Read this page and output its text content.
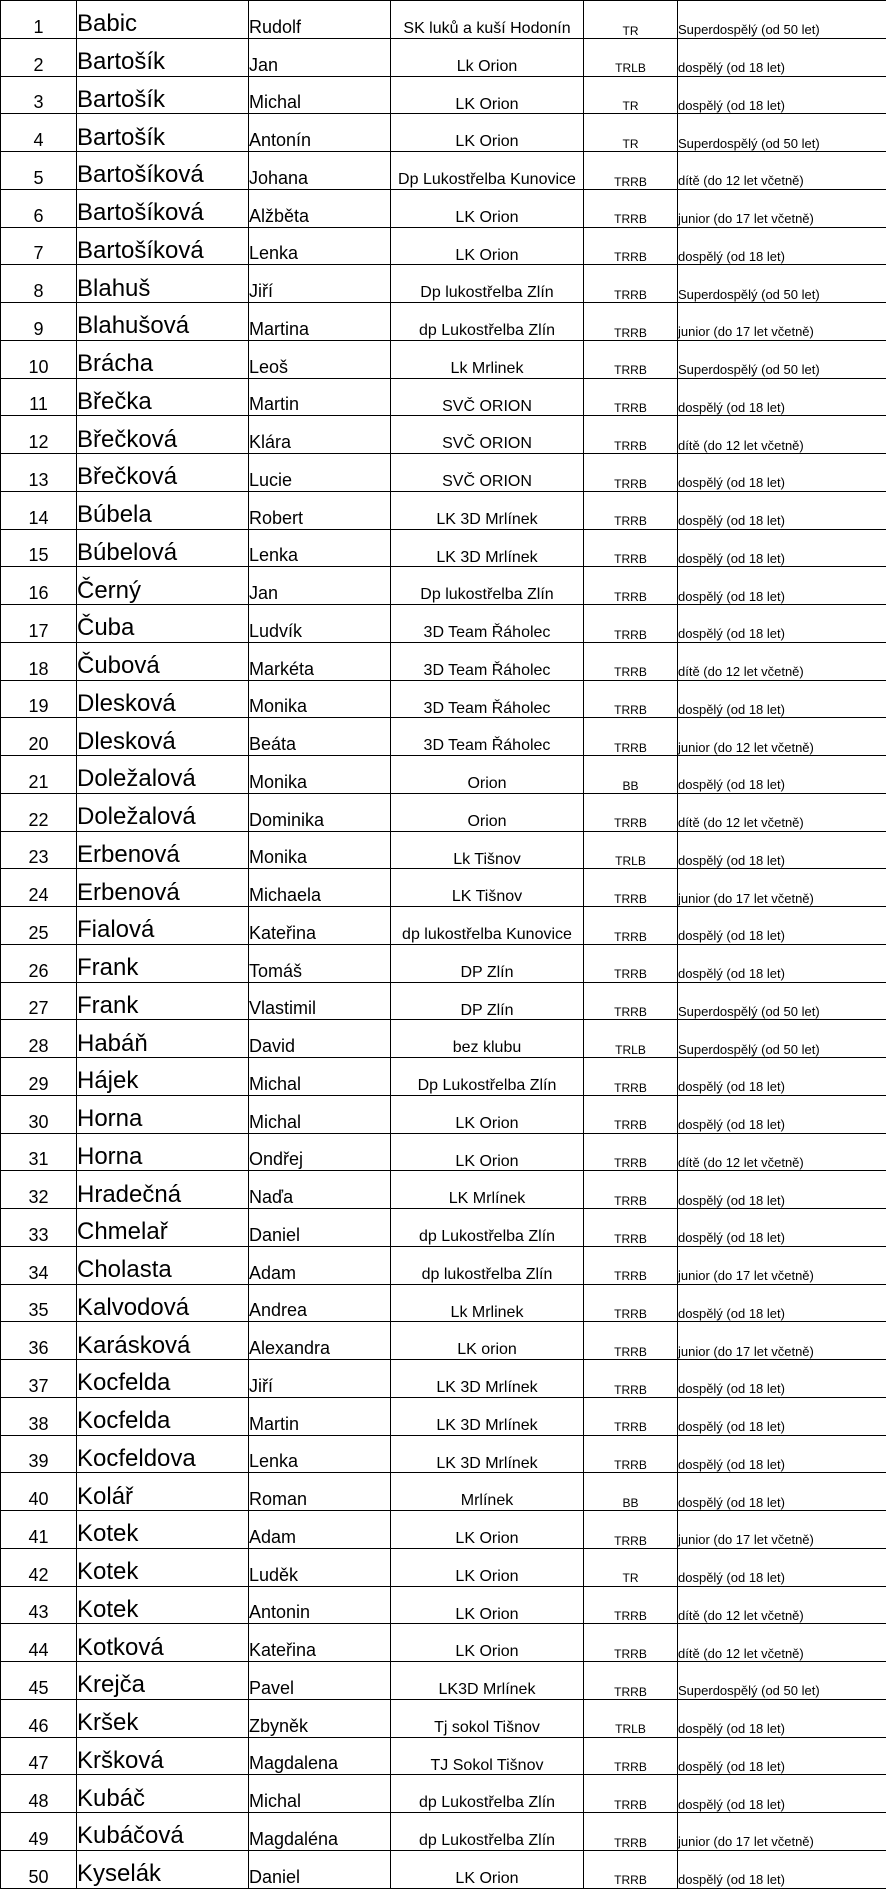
1	Babic	Rudolf	SK luků a kuší Hodonín	TR	Superdospělý (od 50 let)
2	Bartošík	Jan	Lk Orion	TRLB	dospělý (od 18 let)
3	Bartošík	Michal	LK Orion	TR	dospělý (od 18 let)
4	Bartošík	Antonín	LK Orion	TR	Superdospělý (od 50 let)
5	Bartošíková	Johana	Dp Lukostřelba Kunovice	TRRB	dítě (do 12 let včetně)
6	Bartošíková	Alžběta	LK Orion	TRRB	junior (do 17 let včetně)
7	Bartošíková	Lenka	LK Orion	TRRB	dospělý (od 18 let)
8	Blahuš	Jiří	Dp lukostřelba Zlín	TRRB	Superdospělý (od 50 let)
9	Blahušová	Martina	dp Lukostřelba Zlín	TRRB	junior (do 17 let včetně)
10	Brácha	Leoš	Lk Mrlinek	TRRB	Superdospělý (od 50 let)
11	Břečka	Martin	SVČ ORION	TRRB	dospělý (od 18 let)
12	Břečková	Klára	SVČ ORION	TRRB	dítě (do 12 let včetně)
13	Břečková	Lucie	SVČ ORION	TRRB	dospělý (od 18 let)
14	Búbela	Robert	LK 3D Mrlínek	TRRB	dospělý (od 18 let)
15	Búbelová	Lenka	LK 3D Mrlínek	TRRB	dospělý (od 18 let)
16	Černý	Jan	Dp lukostřelba Zlín	TRRB	dospělý (od 18 let)
17	Čuba	Ludvík	3D Team Řáholec	TRRB	dospělý (od 18 let)
18	Čubová	Markéta	3D Team Řáholec	TRRB	dítě (do 12 let včetně)
19	Dlesková	Monika	3D Team Řáholec	TRRB	dospělý (od 18 let)
20	Dlesková	Beáta	3D Team Řáholec	TRRB	junior (do 12 let včetně)
21	Doležalová	Monika	Orion	BB	dospělý (od 18 let)
22	Doležalová	Dominika	Orion	TRRB	dítě (do 12 let včetně)
23	Erbenová	Monika	Lk Tišnov	TRLB	dospělý (od 18 let)
24	Erbenová	Michaela	LK Tišnov	TRRB	junior (do 17 let včetně)
25	Fialová	Kateřina	dp lukostřelba Kunovice	TRRB	dospělý (od 18 let)
26	Frank	Tomáš	DP Zlín	TRRB	dospělý (od 18 let)
27	Frank	Vlastimil	DP Zlín	TRRB	Superdospělý (od 50 let)
28	Habáň	David	bez klubu	TRLB	Superdospělý (od 50 let)
29	Hájek	Michal	Dp Lukostřelba Zlín	TRRB	dospělý (od 18 let)
30	Horna	Michal	LK Orion	TRRB	dospělý (od 18 let)
31	Horna	Ondřej	LK Orion	TRRB	dítě (do 12 let včetně)
32	Hradečná	Naďa	LK Mrlínek	TRRB	dospělý (od 18 let)
33	Chmelař	Daniel	dp Lukostřelba Zlín	TRRB	dospělý (od 18 let)
34	Cholasta	Adam	dp lukostřelba Zlín	TRRB	junior (do 17 let včetně)
35	Kalvodová	Andrea	Lk Mrlinek	TRRB	dospělý (od 18 let)
36	Karásková	Alexandra	LK orion	TRRB	junior (do 17 let včetně)
37	Kocfelda	Jiří	LK 3D Mrlínek	TRRB	dospělý (od 18 let)
38	Kocfelda	Martin	LK 3D Mrlínek	TRRB	dospělý (od 18 let)
39	Kocfeldova	Lenka	LK 3D Mrlínek	TRRB	dospělý (od 18 let)
40	Kolář	Roman	Mrlínek	BB	dospělý (od 18 let)
41	Kotek	Adam	LK Orion	TRRB	junior (do 17 let včetně)
42	Kotek	Luděk	LK Orion	TR	dospělý (od 18 let)
43	Kotek	Antonin	LK Orion	TRRB	dítě (do 12 let včetně)
44	Kotková	Kateřina	LK Orion	TRRB	dítě (do 12 let včetně)
45	Krejča	Pavel	LK3D Mrlínek	TRRB	Superdospělý (od 50 let)
46	Kršek	Zbyněk	Tj sokol Tišnov	TRLB	dospělý (od 18 let)
47	Kršková	Magdalena	TJ Sokol Tišnov	TRRB	dospělý (od 18 let)
48	Kubáč	Michal	dp Lukostřelba Zlín	TRRB	dospělý (od 18 let)
49	Kubáčová	Magdaléna	dp Lukostřelba Zlín	TRRB	junior (do 17 let včetně)
50	Kyselák	Daniel	LK Orion	TRRB	dospělý (od 18 let)
